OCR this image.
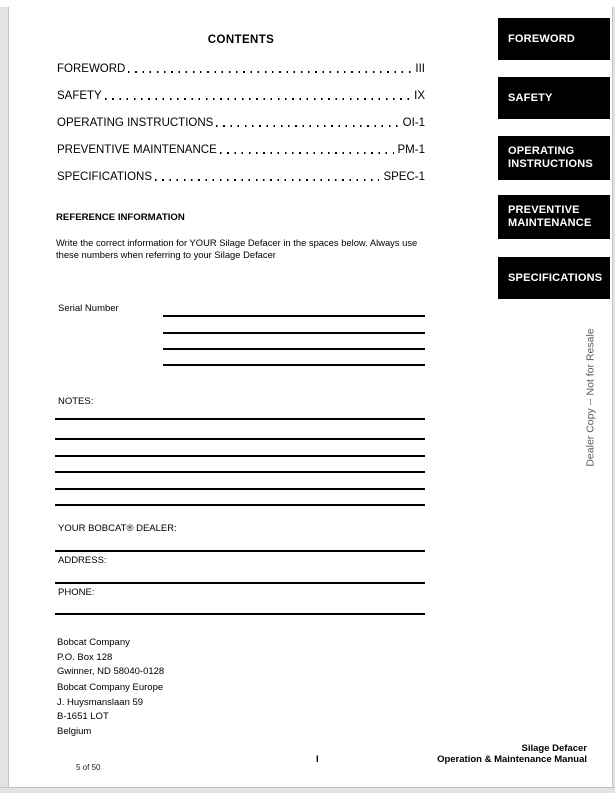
CONTENTS
FOREWORD	III
SAFETY	IX
OPERATING INSTRUCTIONS	OI-1
PREVENTIVE MAINTENANCE	PM-1
SPECIFICATIONS	SPEC-1
REFERENCE INFORMATION
Write the correct information for YOUR Silage Defacer in the spaces below. Always use these numbers when referring to your Silage Defacer
Serial Number
NOTES:
YOUR BOBCAT® DEALER:
ADDRESS:
PHONE:
Bobcat Company
P.O. Box 128
Gwinner, ND 58040-0128
Bobcat Company Europe
J. Huysmanslaan 59
B-1651 LOT
Belgium
I
Silage Defacer
Operation & Maintenance Manual
5 of 50
Dealer Copy -- Not for Resale
FOREWORD
SAFETY
OPERATING INSTRUCTIONS
PREVENTIVE MAINTENANCE
SPECIFICATIONS
